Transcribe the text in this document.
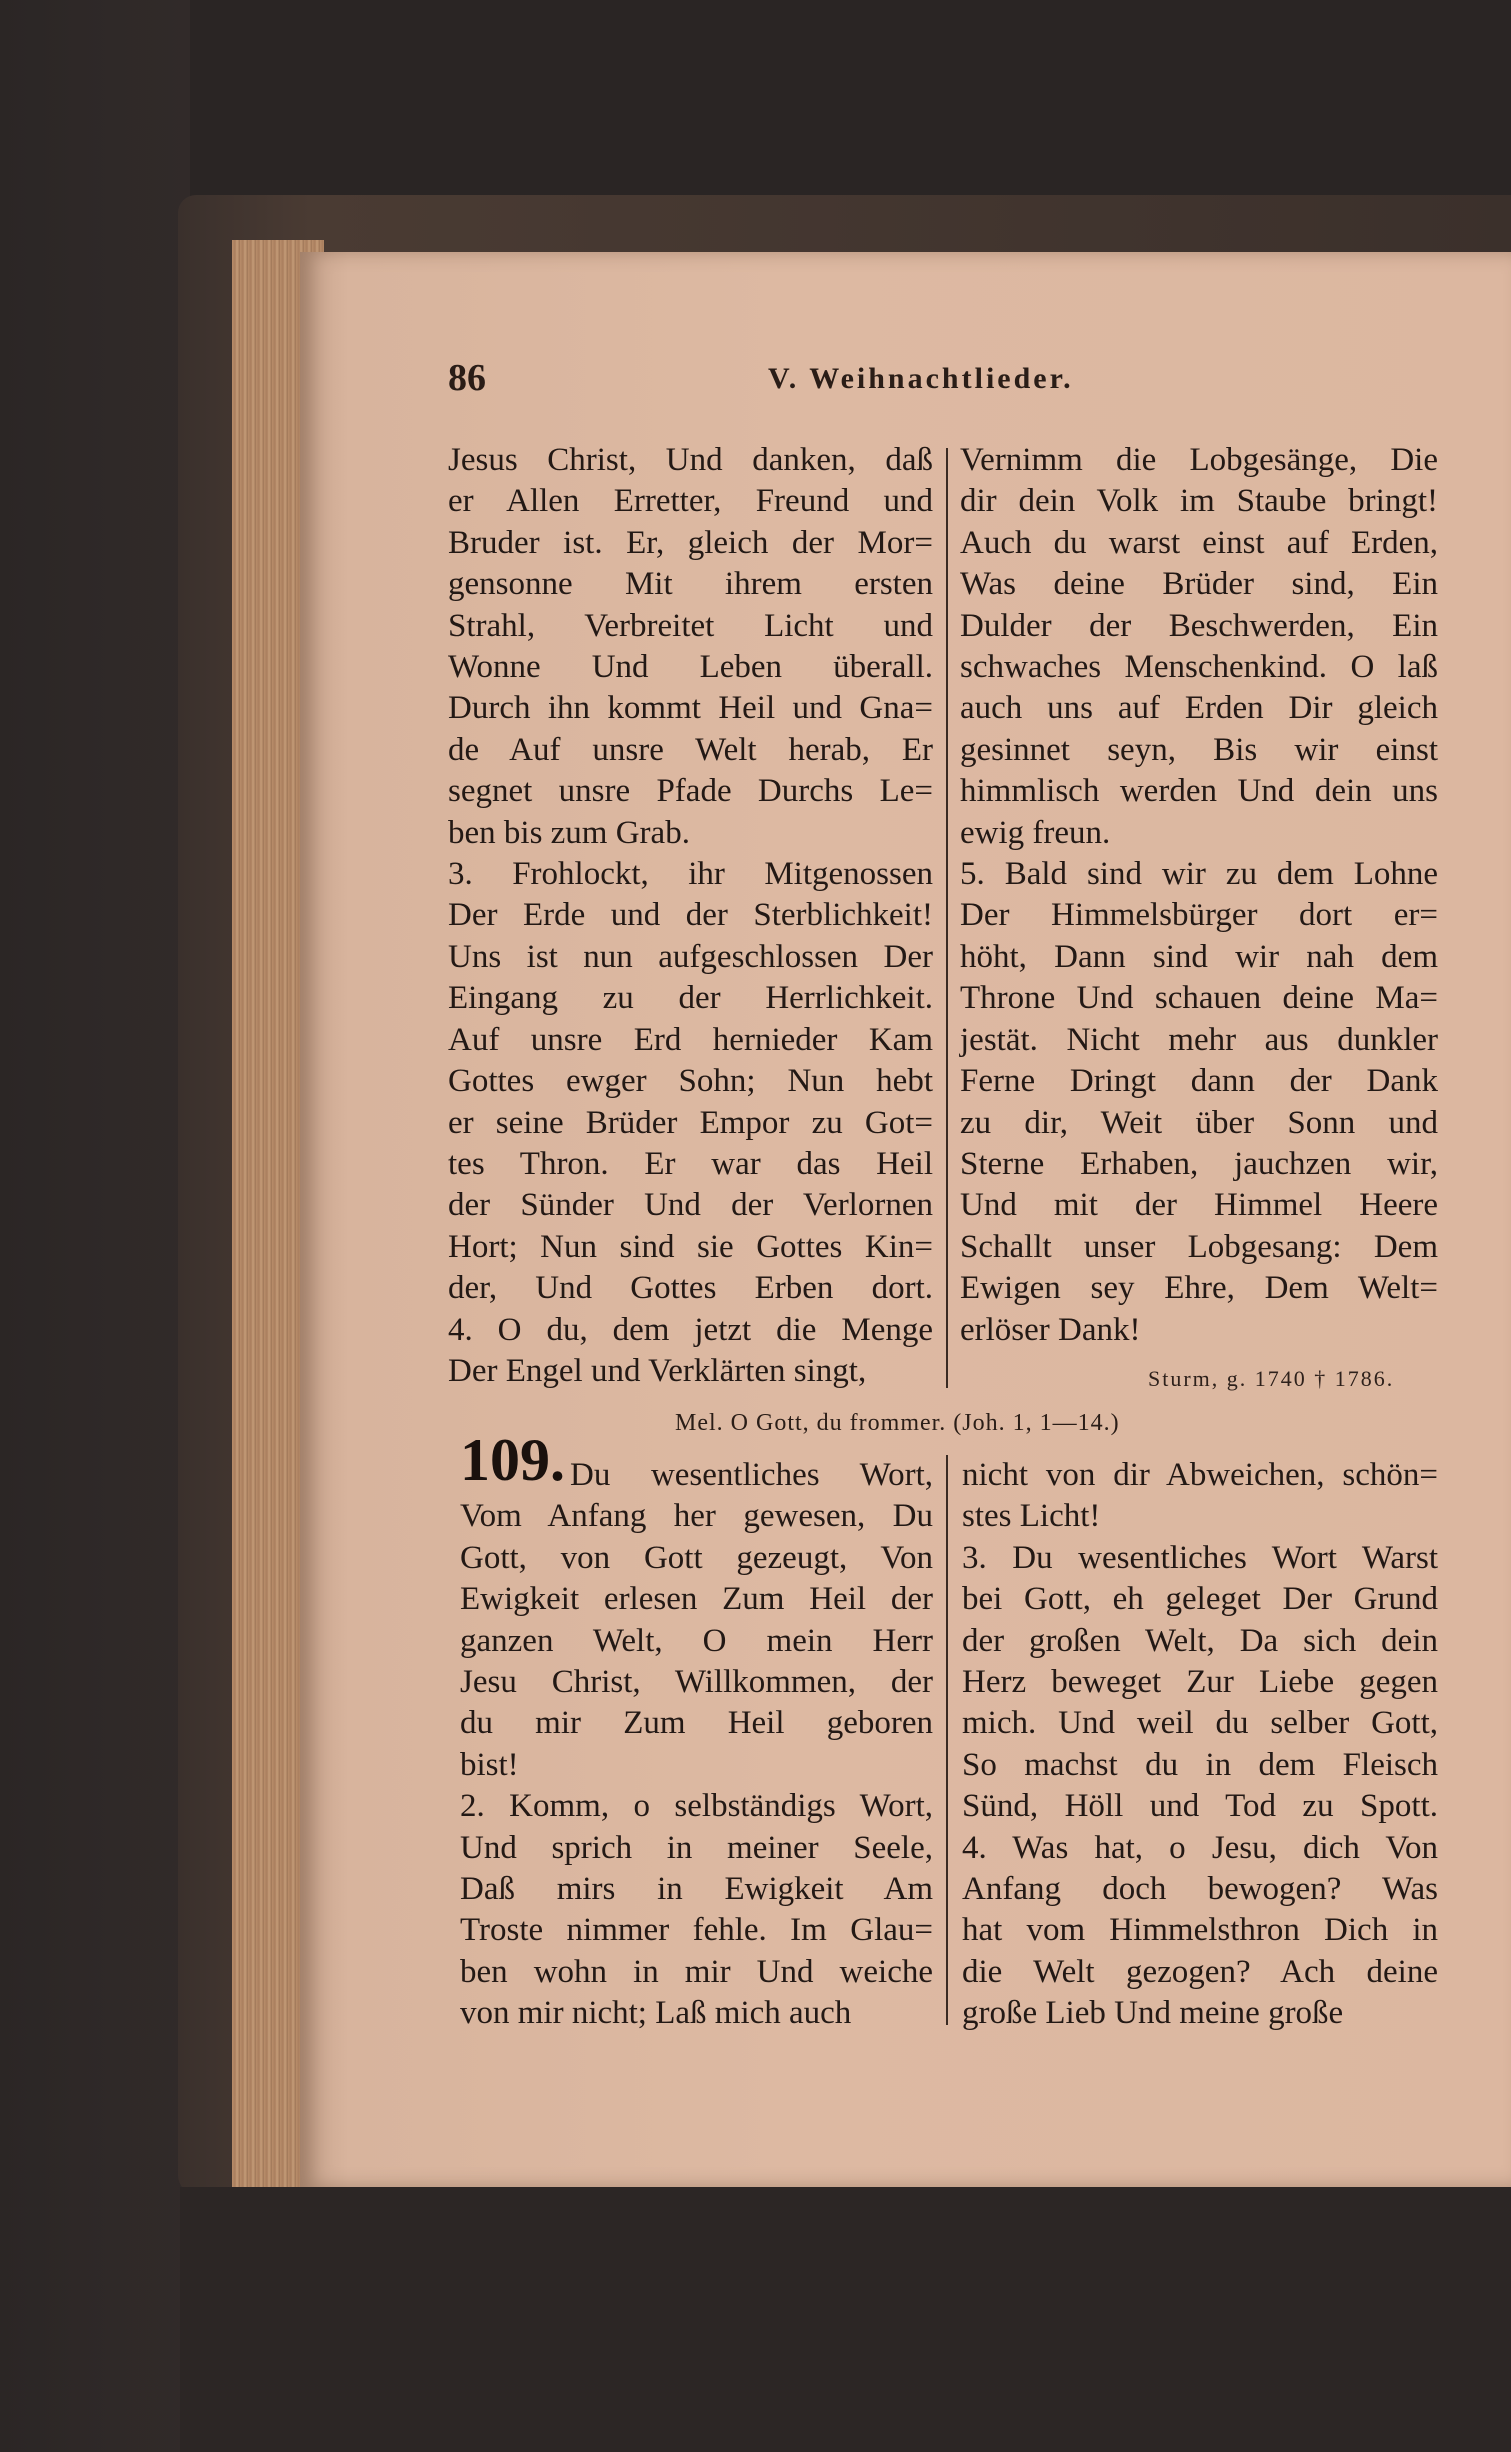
86	V. Weihnachtlieder.
Jesus Christ, Und danken, daß
er Allen Erretter, Freund und
Bruder ist. Er, gleich der Mor=
gensonne Mit ihrem ersten
Strahl, Verbreitet Licht und
Wonne Und Leben überall.
Durch ihn kommt Heil und Gna=
de Auf unsre Welt herab, Er
segnet unsre Pfade Durchs Le=
ben bis zum Grab.
3. Frohlockt, ihr Mitgenossen
Der Erde und der Sterblichkeit!
Uns ist nun aufgeschlossen Der
Eingang zu der Herrlichkeit.
Auf unsre Erd hernieder Kam
Gottes ewger Sohn; Nun hebt
er seine Brüder Empor zu Got=
tes Thron. Er war das Heil
der Sünder Und der Verlornen
Hort; Nun sind sie Gottes Kin=
der, Und Gottes Erben dort.
4. O du, dem jetzt die Menge
Der Engel und Verklärten singt,
Vernimm die Lobgesänge, Die
dir dein Volk im Staube bringt!
Auch du warst einst auf Erden,
Was deine Brüder sind, Ein
Dulder der Beschwerden, Ein
schwaches Menschenkind. O laß
auch uns auf Erden Dir gleich
gesinnet seyn, Bis wir einst
himmlisch werden Und dein uns
ewig freun.
5. Bald sind wir zu dem Lohne
Der Himmelsbürger dort er=
höht, Dann sind wir nah dem
Throne Und schauen deine Ma=
jestät. Nicht mehr aus dunkler
Ferne Dringt dann der Dank
zu dir, Weit über Sonn und
Sterne Erhaben, jauchzen wir,
Und mit der Himmel Heere
Schallt unser Lobgesang: Dem
Ewigen sey Ehre, Dem Welt=
erlöser Dank!
Sturm, g. 1740 † 1786.
Mel. O Gott, du frommer. (Joh. 1, 1—14.)
109. Du wesentliches Wort,
Vom Anfang her gewesen, Du
Gott, von Gott gezeugt, Von
Ewigkeit erlesen Zum Heil der
ganzen Welt, O mein Herr
Jesu Christ, Willkommen, der
du mir Zum Heil geboren
bist!
2. Komm, o selbständigs Wort,
Und sprich in meiner Seele,
Daß mirs in Ewigkeit Am
Troste nimmer fehle. Im Glau=
ben wohn in mir Und weiche
von mir nicht; Laß mich auch
nicht von dir Abweichen, schön=
stes Licht!
3. Du wesentliches Wort Warst
bei Gott, eh geleget Der Grund
der großen Welt, Da sich dein
Herz beweget Zur Liebe gegen
mich. Und weil du selber Gott,
So machst du in dem Fleisch
Sünd, Höll und Tod zu Spott.
4. Was hat, o Jesu, dich Von
Anfang doch bewogen? Was
hat vom Himmelsthron Dich in
die Welt gezogen? Ach deine
große Lieb Und meine große
